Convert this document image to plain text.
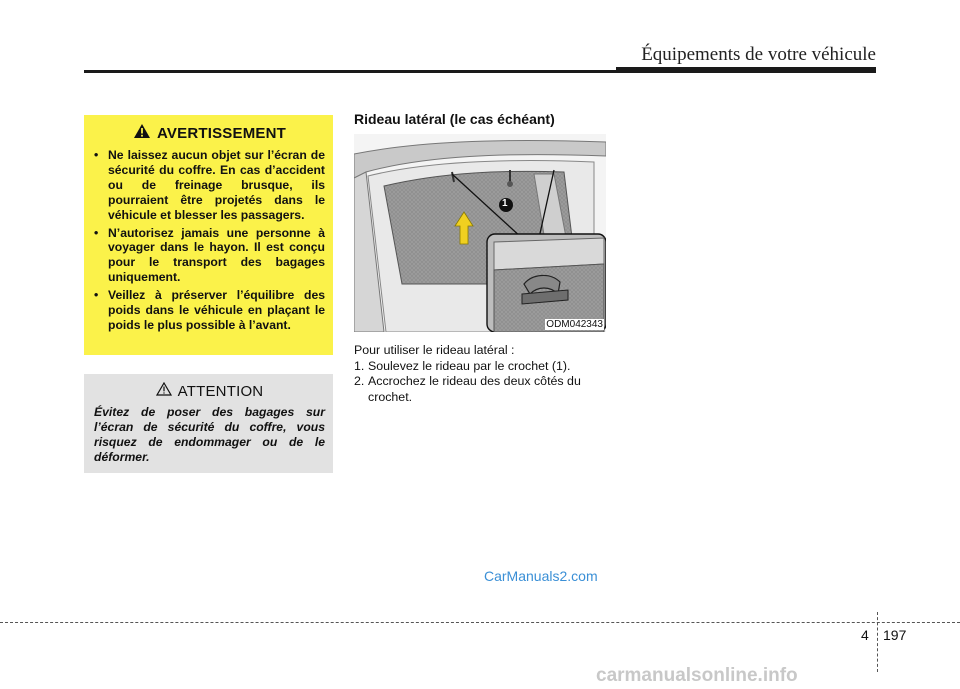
Équipements de votre véhicule
AVERTISSEMENT
• Ne laissez aucun objet sur l’écran de sécurité du coffre. En cas d’accident ou de freinage brusque, ils pourraient être projetés dans le véhicule et blesser les passagers.
• N’autorisez jamais une personne à voyager dans le hayon. Il est conçu pour le transport des bagages uniquement.
• Veillez à préserver l’équilibre des poids dans le véhicule en plaçant le poids le plus possible à l’avant.
ATTENTION

Évitez de poser des bagages sur l’écran de sécurité du coffre, vous risquez de endommager ou de le déformer.

Rideau latéral (le cas échéant)
1
ODM042343

Pour utiliser le rideau latéral :

1. Soulevez le rideau par le crochet (1).
2. Accrochez le rideau des deux côtés du crochet.
CarManuals2.com
4 197
carmanualsonline.info
